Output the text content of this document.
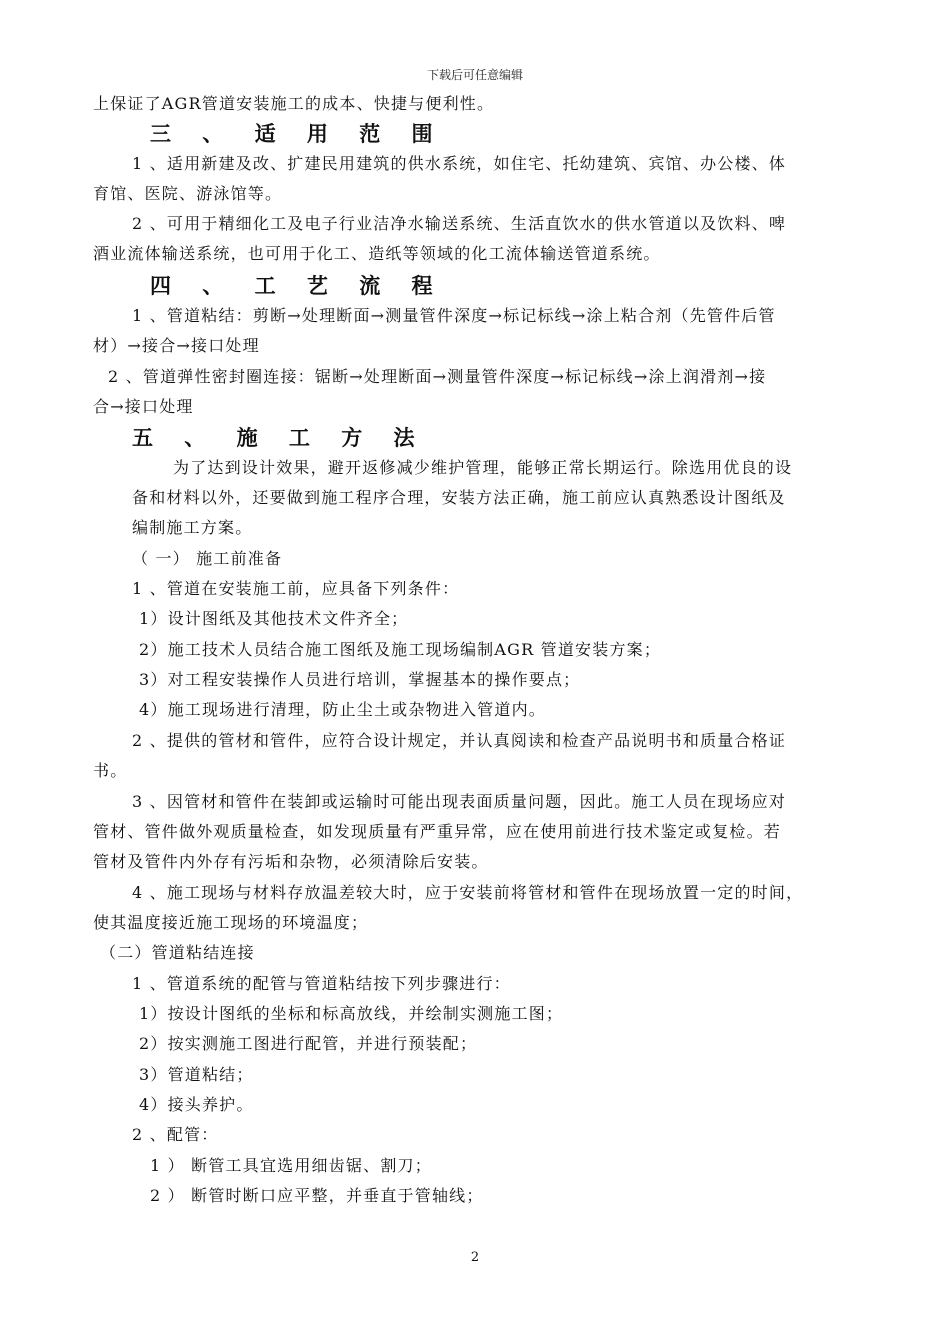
下载后可任意编辑
上保证了AGR管道安装施工的成本、快捷与便利性。
三 、 适 用 范 围
1 、适用新建及改、扩建民用建筑的供水系统，如住宅、托幼建筑、宾馆、办公楼、体
育馆、医院、游泳馆等。
2 、可用于精细化工及电子行业洁净水输送系统、生活直饮水的供水管道以及饮料、啤
酒业流体输送系统，也可用于化工、造纸等领域的化工流体输送管道系统。
四 、 工 艺 流 程
1 、管道粘结：剪断→处理断面→测量管件深度→标记标线→涂上粘合剂（先管件后管
材）→接合→接口处理
2 、管道弹性密封圈连接：锯断→处理断面→测量管件深度→标记标线→涂上润滑剂→接
合→接口处理
五 、 施 工 方 法
为了达到设计效果，避开返修减少维护管理，能够正常长期运行。除选用优良的设
备和材料以外，还要做到施工程序合理，安装方法正确，施工前应认真熟悉设计图纸及
编制施工方案。
（ 一） 施工前准备
1 、管道在安装施工前，应具备下列条件：
1）设计图纸及其他技术文件齐全；
2）施工技术人员结合施工图纸及施工现场编制AGR 管道安装方案；
3）对工程安装操作人员进行培训，掌握基本的操作要点；
4）施工现场进行清理，防止尘土或杂物进入管道内。
2 、提供的管材和管件，应符合设计规定，并认真阅读和检查产品说明书和质量合格证
书。
3 、因管材和管件在装卸或运输时可能出现表面质量问题，因此。施工人员在现场应对
管材、管件做外观质量检查，如发现质量有严重异常，应在使用前进行技术鉴定或复检。若
管材及管件内外存有污垢和杂物，必须清除后安装。
4 、施工现场与材料存放温差较大时，应于安装前将管材和管件在现场放置一定的时间，
使其温度接近施工现场的环境温度；
（二）管道粘结连接
1 、管道系统的配管与管道粘结按下列步骤进行：
1）按设计图纸的坐标和标高放线，并绘制实测施工图；
2）按实测施工图进行配管，并进行预装配；
3）管道粘结；
4）接头养护。
2 、配管：
1 ） 断管工具宜选用细齿锯、割刀；
2 ） 断管时断口应平整，并垂直于管轴线；
2
